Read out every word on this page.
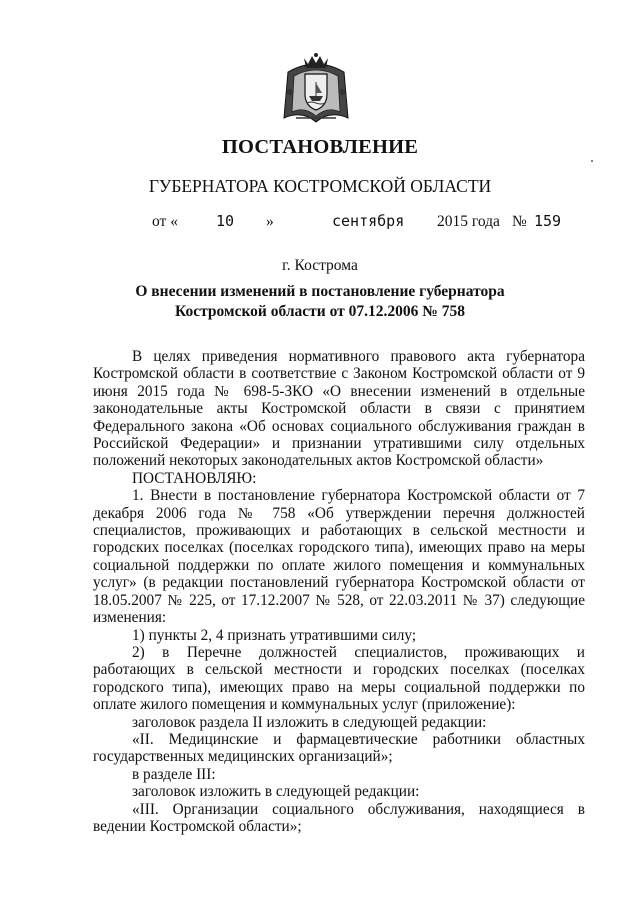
ПОСТАНОВЛЕНИЕ
ГУБЕРНАТОРА КОСТРОМСКОЙ ОБЛАСТИ
от «	10 »	сентября 2015 года № 159
г. Кострома
О внесении изменений в постановление губернатора
Костромской области от 07.12.2006 № 758

В целях приведения нормативного правового акта губернатора Костромской области в соответствие с Законом Костромской области от 9 июня 2015 года № 698-5-ЗКО «О внесении изменений в отдельные законодательные акты Костромской области в связи с принятием Федерального закона «Об основах социального обслуживания граждан в Российской Федерации» и признании утратившими силу отдельных положений некоторых законодательных актов Костромской области»

ПОСТАНОВЛЯЮ:

1. Внести в постановление губернатора Костромской области от 7 декабря 2006 года № 758 «Об утверждении перечня должностей специалистов, проживающих и работающих в сельской местности и городских поселках (поселках городского типа), имеющих право на меры социальной поддержки по оплате жилого помещения и коммунальных услуг» (в редакции постановлений губернатора Костромской области от 18.05.2007 № 225, от 17.12.2007 № 528, от 22.03.2011 № 37) следующие изменения:

1) пункты 2, 4 признать утратившими силу;

2) в Перечне должностей специалистов, проживающих и работающих в сельской местности и городских поселках (поселках городского типа), имеющих право на меры социальной поддержки по оплате жилого помещения и коммунальных услуг (приложение):

заголовок раздела II изложить в следующей редакции:

«II. Медицинские и фармацевтические работники областных государственных медицинских организаций»;

в разделе III:

заголовок изложить в следующей редакции:

«III. Организации социального обслуживания, находящиеся в ведении Костромской области»;
